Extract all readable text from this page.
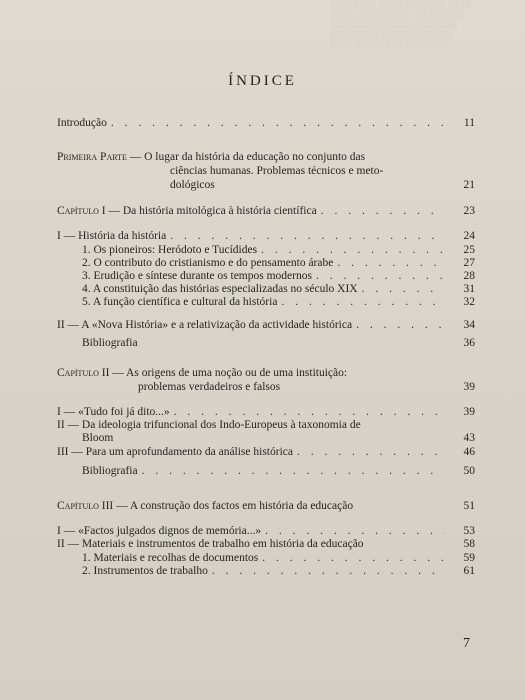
░░░░░ ░░░ ░░░░ ░░░░░░░ ░░ ░░
░░░░ ░░░░░ ░░░░░ ░░ ░░░░░░
░░░ ░░░░░░ ░░░░ ░░░░░ ░░░
░░░░░ ░░░ ░░░░░░ ░░░░ ░░
░░░░ ░░░░░ ░░░ ░░░░░░░░
ÍNDICE
Introdução . . .	11
Primeira Parte — O lugar da história da educação no conjunto das
ciências humanas. Problemas técnicos e meto-
dológicos	21
Capítulo I — Da história mitológica à história científica . . .	23
I — História da história . . .	24
1. Os pioneiros: Heródoto e Tucídides . . .	25
2. O contributo do cristianismo e do pensamento árabe . . .	27
3. Erudição e síntese durante os tempos modernos . . .	28
4. A constituição das histórias especializadas no século XIX . . .	31
5. A função científica e cultural da história . . .	32
II — A «Nova História» e a relativização da actividade histórica . . .	34
Bibliografia	36
Capítulo II — As origens de uma noção ou de uma instituição:
problemas verdadeiros e falsos	39
I — «Tudo foi já dito...» . . .	39
II — Da ideologia trifuncional dos Indo-Europeus à taxonomia de
Bloom	43
III — Para um aprofundamento da análise histórica . . .	46
Bibliografia . . .	50
Capítulo III — A construção dos factos em história da educação	51
I — «Factos julgados dignos de memória...» . . .	53
II — Materiais e instrumentos de trabalho em história da educação	58
1. Materiais e recolhas de documentos . . .	59
2. Instrumentos de trabalho . . .	61
7
